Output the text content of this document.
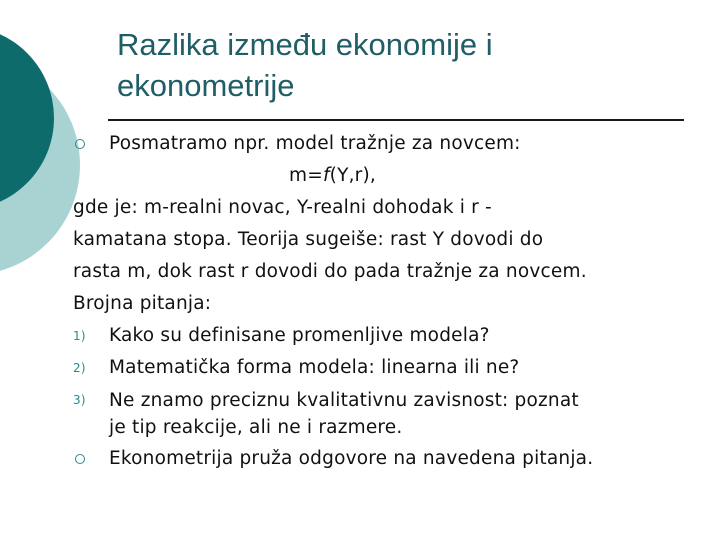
Razlika između ekonomije i
ekonometrije
Posmatramo npr. model tražnje za novcem:
m=f(Y,r),
gde je: m-realni novac, Y-realni dohodak i r -
kamatana stopa. Teorija sugeiše: rast Y dovodi do
rasta m, dok rast r dovodi do pada tražnje za novcem.
Brojna pitanja:
1) Kako su definisane promenljive modela?
2) Matematička forma modela: linearna ili ne?
3) Ne znamo preciznu kvalitativnu zavisnost: poznat
je tip reakcije, ali ne i razmere.
Ekonometrija pruža odgovore na navedena pitanja.
